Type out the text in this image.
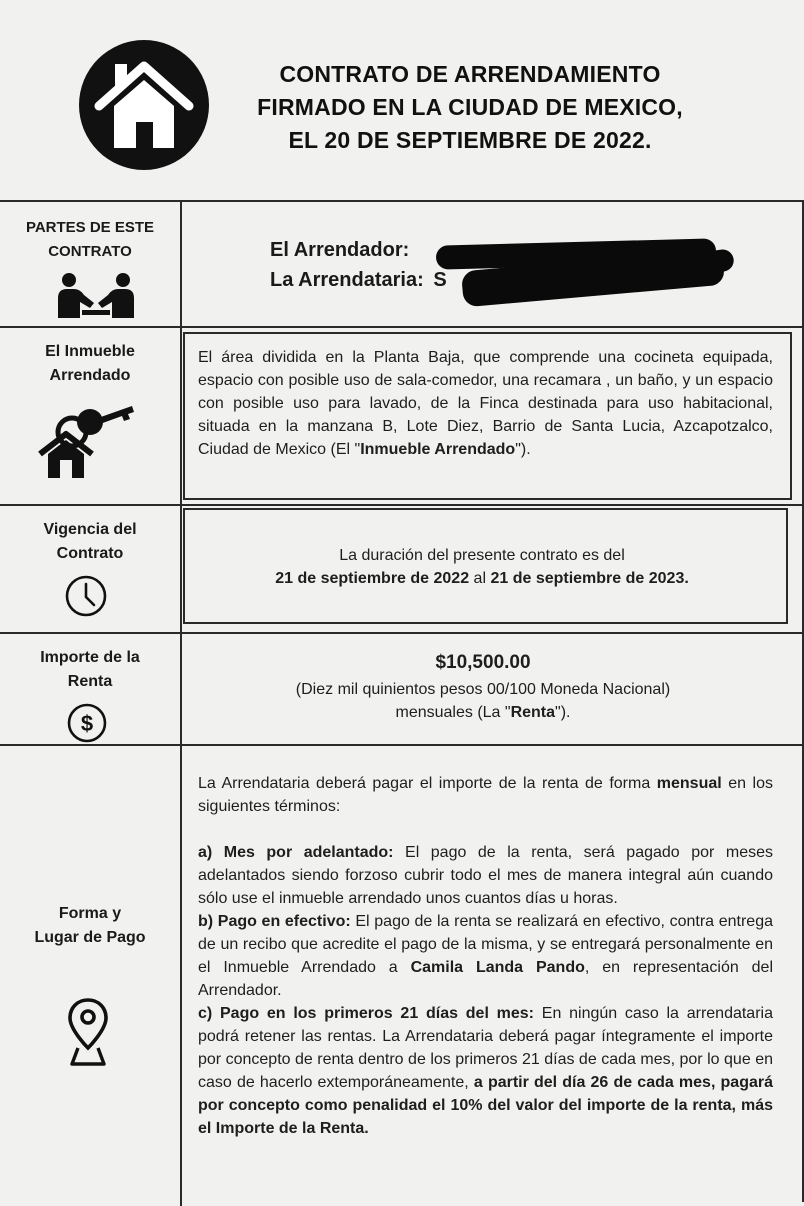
CONTRATO DE ARRENDAMIENTO
FIRMADO EN LA CIUDAD DE MEXICO,
EL 20 DE SEPTIEMBRE DE 2022.
PARTES DE ESTE
CONTRATO	El Arrendador:
La Arrendataria: S
El Inmueble
Arrendado
El área dividida en la Planta Baja, que comprende una cocineta equipada, espacio con posible uso de sala-comedor, una recamara , un baño, y un espacio con posible uso para lavado, de la Finca destinada para uso habitacional, situada en la manzana B, Lote Diez, Barrio de Santa Lucia, Azcapotzalco, Ciudad de Mexico (El "Inmueble Arrendado").
Vigencia del
Contrato	La duración del presente contrato es del
21 de septiembre de 2022 al 21 de septiembre de 2023.
Importe de la
Renta
$
$10,500.00
(Diez mil quinientos pesos 00/100 Moneda Nacional)
mensuales (La "Renta").
Forma y
Lugar de Pago
La Arrendataria deberá pagar el importe de la renta de forma mensual en los siguientes términos:
a) Mes por adelantado: El pago de la renta, será pagado por meses adelantados siendo forzoso cubrir todo el mes de manera integral aún cuando sólo use el inmueble arrendado unos cuantos días u horas.
b) Pago en efectivo: El pago de la renta se realizará en efectivo, contra entrega de un recibo que acredite el pago de la misma, y se entregará personalmente en el Inmueble Arrendado a Camila Landa Pando, en representación del Arrendador.
c) Pago en los primeros 21 días del mes: En ningún caso la arrendataria podrá retener las rentas. La Arrendataria deberá pagar íntegramente el importe por concepto de renta dentro de los primeros 21 días de cada mes, por lo que en caso de hacerlo extemporáneamente, a partir del día 26 de cada mes, pagará por concepto como penalidad el 10% del valor del importe de la renta, más el Importe de la Renta.
